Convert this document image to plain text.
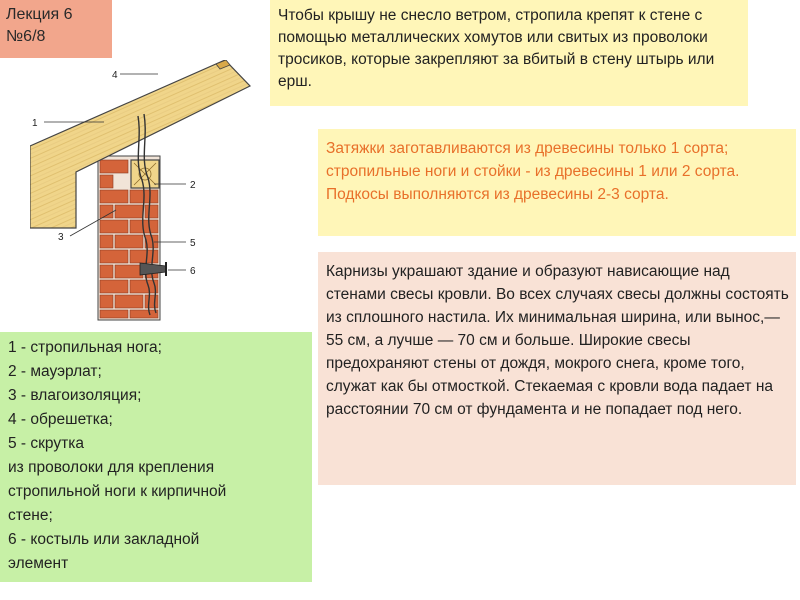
Лекция 6
№6/8
Чтобы крышу не снесло ветром, стропила крепят к стене с помощью металлических хомутов или свитых из проволоки тросиков, которые закрепляют за вбитый в стену штырь или ерш.
Затяжки заготавливаются из древесины только 1 сорта; стропильные ноги и стойки - из древесины 1 или 2 сорта. Подкосы выполняются из древесины 2-3 сорта.
Карнизы украшают здание и образуют нависающие над стенами свесы кровли. Во всех случаях свесы должны состоять из сплошного настила. Их минимальная ширина, или вынос,— 55 см, а лучше — 70 см и больше. Широкие свесы предохраняют стены от дождя, мокрого снега, кроме того, служат как бы отмосткой. Стекаемая с кровли вода падает на расстоянии 70 см от фундамента и не попадает под него.
1 - стропильная нога;
2 - мауэрлат;
3 - влагоизоляция;
4 - обрешетка;
5 - скрутка
из проволоки для крепления
стропильной ноги к кирпичной
стене;
6 - костыль или закладной
элемент
1
2
3
4
5
6
